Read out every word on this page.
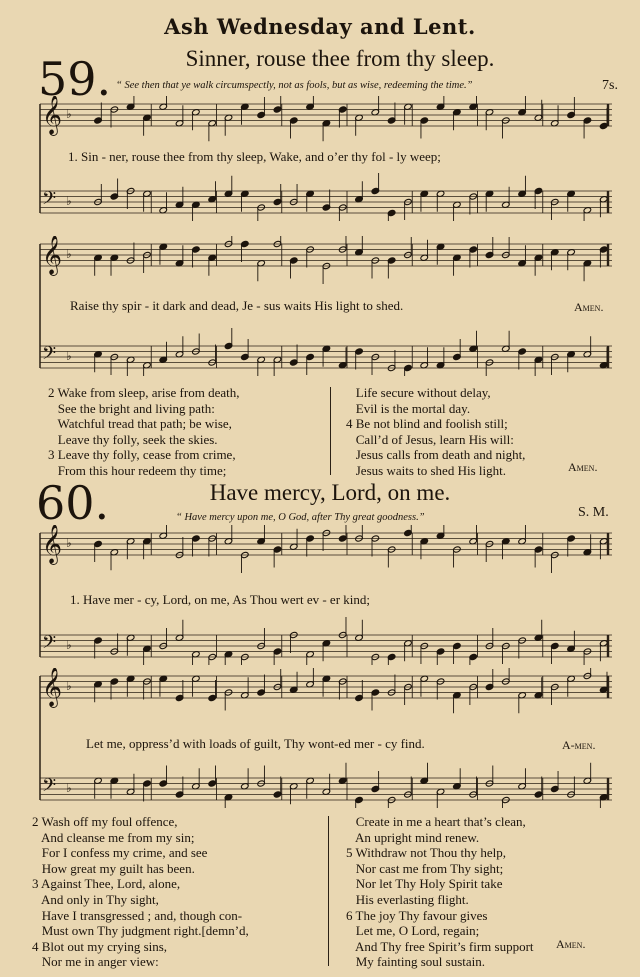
Ash Wednesday and Lent.
59.	Sinner, rouse thee from thy sleep.
“ See then that ye walk circumspectly, not as fools, but as wise, redeeming the time.”	7s.
𝄞 ♭
𝄢 ♭
1. Sin - ner, rouse thee from thy sleep, Wake, and o’er thy fol - ly weep;
𝄞 ♭
𝄢 ♭
Raise thy spir - it dark and dead, Je - sus waits His light to shed.	Amen.
2 Wake from sleep, arise from death,
See the bright and living path:
Watchful tread that path; be wise,
Leave thy folly, seek the skies.
3 Leave thy folly, cease from crime,
From this hour redeem thy time;
Life secure without delay,
Evil is the mortal day.
4 Be not blind and foolish still;
Call’d of Jesus, learn His will:
Jesus calls from death and night,
Jesus waits to shed His light.	Amen.
60.	Have mercy, Lord, on me.
“ Have mercy upon me, O God, after Thy great goodness.”	S. M.
𝄞 ♭
𝄢 ♭
1. Have mer - cy, Lord, on me, As Thou wert ev - er kind;
𝄞 ♭
𝄢 ♭
Let me, oppress’d with loads of guilt, Thy wont-ed mer - cy find.	A-men.
2 Wash off my foul offence,
And cleanse me from my sin;
For I confess my crime, and see
How great my guilt has been.
3 Against Thee, Lord, alone,
And only in Thy sight,
Have I transgressed ; and, though con-
Must own Thy judgment right.[demn’d,
4 Blot out my crying sins,
Nor me in anger view:
Create in me a heart that’s clean,
An upright mind renew.
5 Withdraw not Thou thy help,
Nor cast me from Thy sight;
Nor let Thy Holy Spirit take
His everlasting flight.
6 The joy Thy favour gives
Let me, O Lord, regain;
And Thy free Spirit’s firm support
My fainting soul sustain.
Amen.
